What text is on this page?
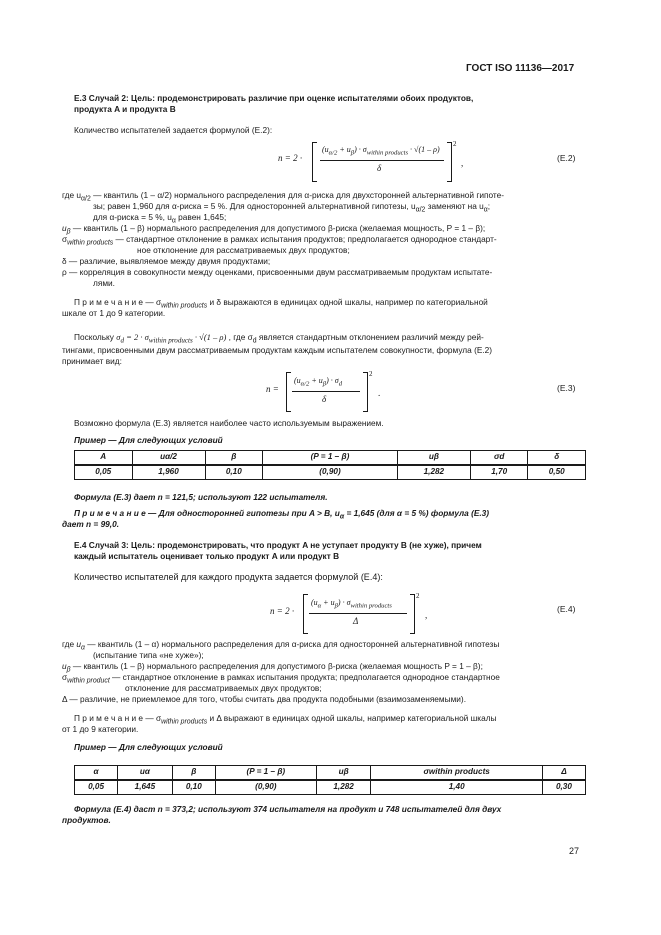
ГОСТ ISO 11136—2017
Е.3 Случай 2: Цель: продемонстрировать различие при оценке испытателями обоих продуктов,
продукта A и продукта B
Количество испытателей задается формулой (Е.2):
n = 2 ·
$(u_{\alpha/2} + u_\beta) \cdot \sigma_{within products} \cdot √(1 - \rho)$
δ
2
,	(Е.2)
где $u_{\alpha/2}$ — квантиль (1 – α/2) нормального распределения для α-риска для двухсторонней альтернативной гипоте-
зы; равен 1,960 для α-риска = 5 %. Для односторонней альтернативной гипотезы, $u_{\alpha/2}$ заменяют на $u_\alpha$;
для α-риска = 5 %, $u_\alpha$ равен 1,645;
$u_\beta$ — квантиль (1 – β) нормального распределения для допустимого β-риска (желаемая мощность, P = 1 – β);
$\sigma_{within products}$ — стандартное отклонение в рамках испытания продуктов; предполагается однородное стандарт-
ное отклонение для рассматриваемых двух продуктов;
δ — различие, выявляемое между двумя продуктами;
ρ — корреляция в совокупности между оценками, присвоенными двум рассматриваемым продуктам испытате-
лями.
П р и м е ч а н и е — $\sigma_{within products}$ и δ выражаются в единицах одной шкалы, например по категориальной
шкале от 1 до 9 категории.
Поскольку $\sigma_d = 2 \cdot \sigma_{within products} \cdot √(1 - \rho)$ , где $\sigma_d$ является стандартным отклонением различий между рей-
тингами, присвоенными двум рассматриваемым продуктам каждым испытателем совокупности, формула (Е.2)
принимает вид:
n =
$(u_{\alpha/2} + u_\beta) \cdot \sigma_d$
δ
2
.	(Е.3)
Возможно формула (Е.3) является наиболее часто используемым выражением.
Пример — Для следующих условий
A	uα/2	β	(P = 1 – β)	uβ	σd	δ
0,05	1,960	0,10	(0,90)	1,282	1,70	0,50
Формула (Е.3) дает n = 121,5; используют 122 испытателя.
П р и м е ч а н и е — Для односторонней гипотезы при A > B, $u_\alpha = 1,645$ (для α = 5 %) формула (Е.3)
дает n = 99,0.
Е.4 Случай 3: Цель: продемонстрировать, что продукт A не уступает продукту B (не хуже), причем
каждый испытатель оценивает только продукт A или продукт B
Количество испытателей для каждого продукта задается формулой (Е.4):
n = 2 ·
$(u_\alpha + u_\beta) \cdot \sigma_{within products}$
Δ
2
,
(Е.4)
где $u_\alpha$ — квантиль (1 – α) нормального распределения для α-риска для односторонней альтернативной гипотезы
(испытание типа «не хуже»);
$u_\beta$ — квантиль (1 – β) нормального распределения для допустимого β-риска (желаемая мощность P = 1 – β);
$\sigma_{within product}$ — стандартное отклонение в рамках испытания продукта; предполагается однородное стандартное
отклонение для рассматриваемых двух продуктов;
Δ — различие, не приемлемое для того, чтобы считать два продукта подобными (взаимозаменяемыми).
П р и м е ч а н и е — $\sigma_{within products}$ и Δ выражают в единицах одной шкалы, например категориальной шкалы
от 1 до 9 категории.
Пример — Для следующих условий
α	uα	β	(P = 1 – β)	uβ	σwithin products	Δ
0,05	1,645	0,10	(0,90)	1,282	1,40	0,30
Формула (Е.4) даст n = 373,2; используют 374 испытателя на продукт и 748 испытателей для двух
продуктов.
27
